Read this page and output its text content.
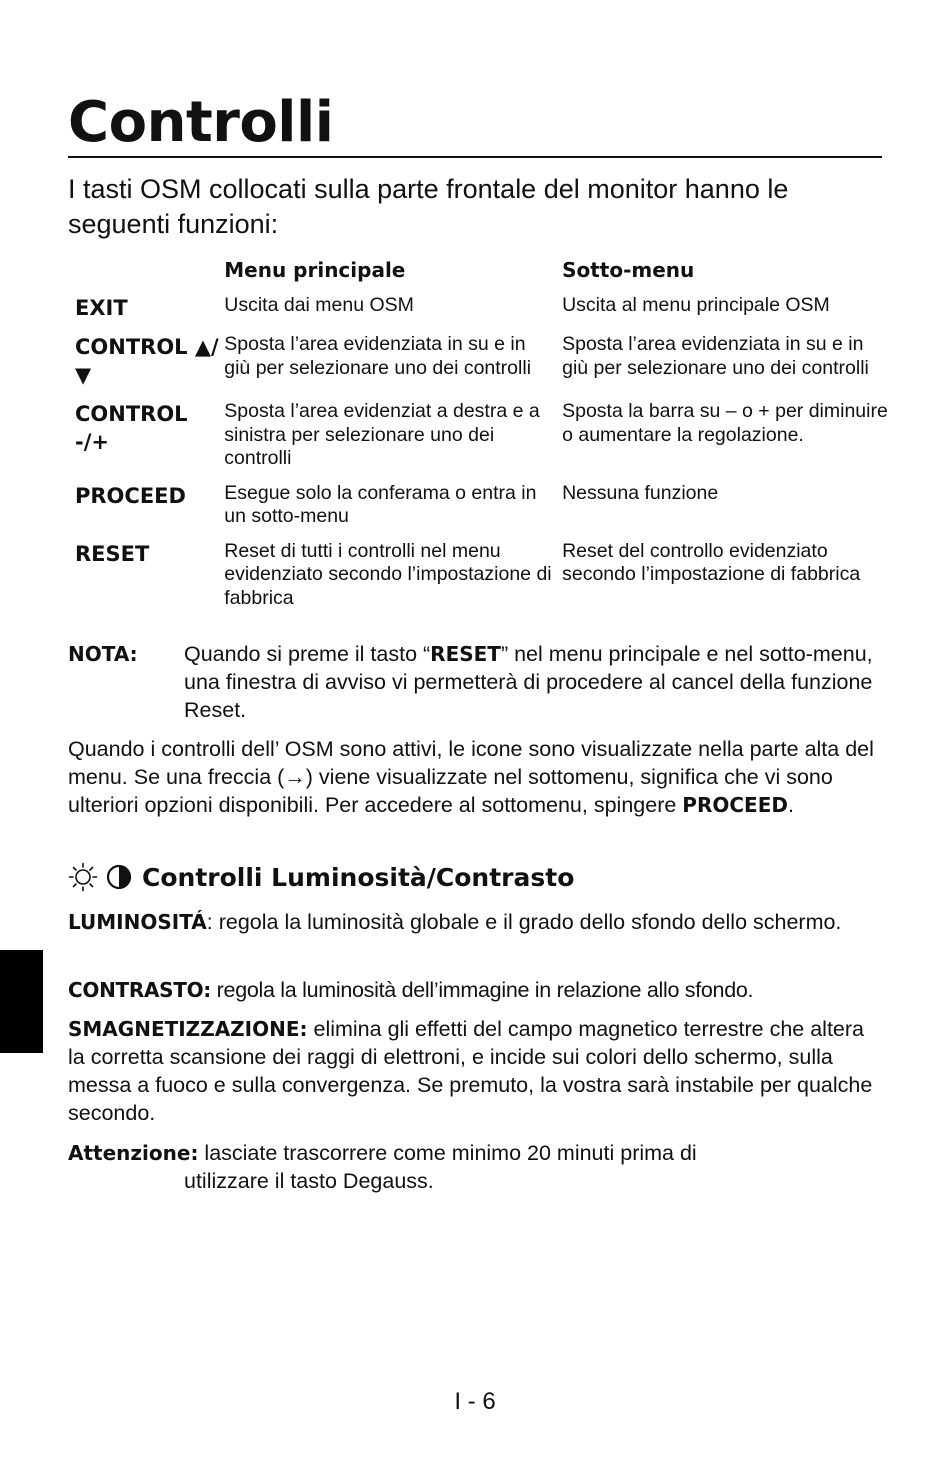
Controlli

I tasti OSM collocati sulla parte frontale del monitor hanno le seguenti funzioni:

	Menu principale	Sotto-menu
EXIT	Uscita dai menu OSM	Uscita al menu principale OSM
CONTROL ▲/▼	Sposta l’area evidenziata in su e in giù per selezionare uno dei controlli	Sposta l’area evidenziata in su e in giù per selezionare uno dei controlli
CONTROL -/+	Sposta l’area evidenziat a destra e a sinistra per selezionare uno dei controlli	Sposta la barra su – o + per diminuire o aumentare la regolazione.
PROCEED	Esegue solo la conferama o entra in un sotto-menu	Nessuna funzione
RESET	Reset di tutti i controlli nel menu evidenziato secondo l’impostazione di fabbrica	Reset del controllo evidenziato secondo l’impostazione di fabbrica
NOTA: Quando si preme il tasto “RESET” nel menu principale e nel sotto-menu, una finestra di avviso vi permetterà di procedere al cancel della funzione Reset.

Quando i controlli dell’ OSM sono attivi, le icone sono visualizzate nella parte alta del menu. Se una freccia (→) viene visualizzate nel sottomenu, significa che vi sono ulteriori opzioni disponibili. Per accedere al sottomenu, spingere PROCEED.

Controlli Luminosità/Contrasto

LUMINOSITÁ: regola la luminosità globale e il grado dello sfondo dello schermo.

CONTRASTO: regola la luminosità dell’immagine in relazione allo sfondo.

SMAGNETIZZAZIONE: elimina gli effetti del campo magnetico terrestre che altera la corretta scansione dei raggi di elettroni, e incide sui colori dello schermo, sulla messa a fuoco e sulla convergenza. Se premuto, la vostra sarà instabile per qualche secondo.

Attenzione: lasciate trascorrere come minimo 20 minuti prima di
utilizzare il tasto Degauss.
I - 6
